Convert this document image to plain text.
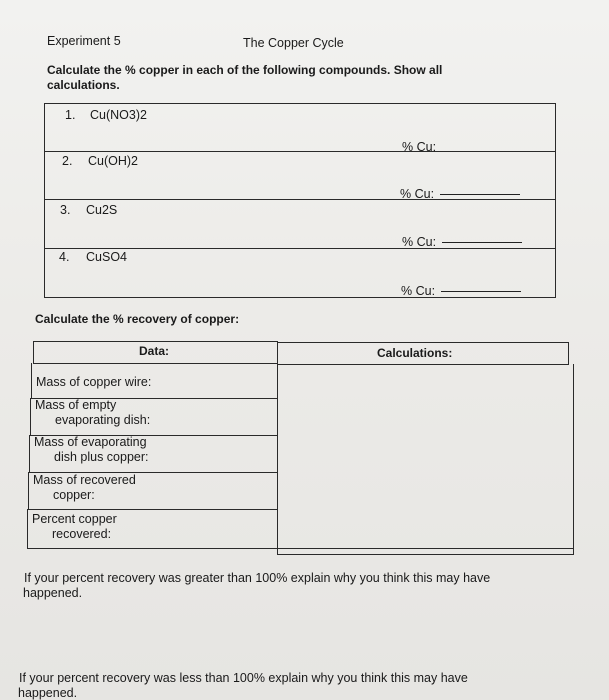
Experiment 5	The Copper Cycle
Calculate the % copper in each of the following compounds. Show all
calculations.
1. Cu(NO3)2
% Cu:
2. Cu(OH)2
% Cu:
3. Cu2S
% Cu:
4. CuSO4
% Cu:
Calculate the % recovery of copper:
Data:	Calculations:
Mass of copper wire:
Mass of empty
evaporating dish:
Mass of evaporating
dish plus copper:
Mass of recovered
copper:
Percent copper
recovered:
If your percent recovery was greater than 100% explain why you think this may have
happened.
If your percent recovery was less than 100% explain why you think this may have
happened.
